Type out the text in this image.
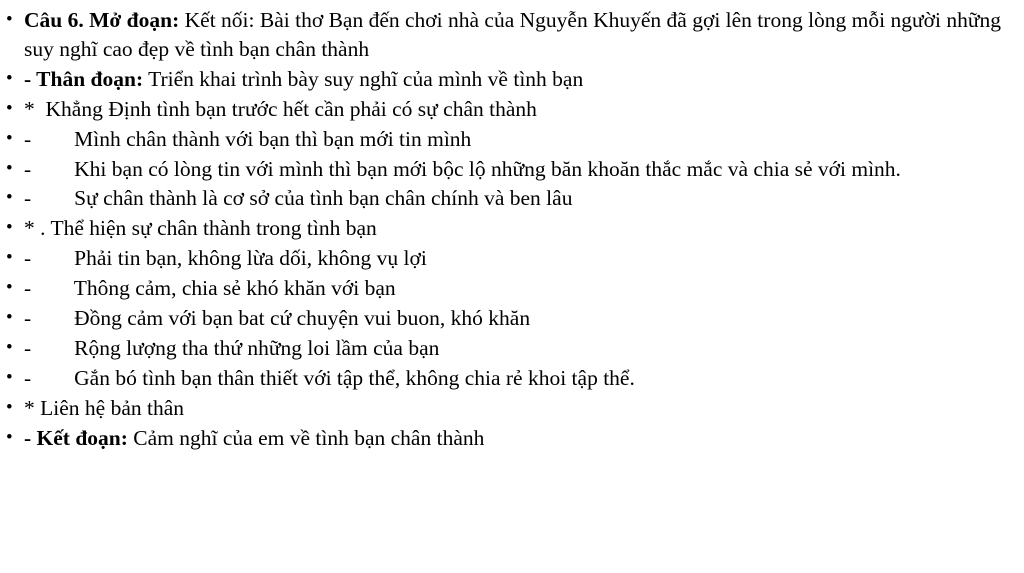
• Câu 6. Mở đoạn: Kết nối: Bài thơ Bạn đến chơi nhà của Nguyễn Khuyến đã gợi lên trong lòng mỗi người những suy nghĩ cao đẹp về tình bạn chân thành
• - Thân đoạn: Triển khai trình bày suy nghĩ của mình về tình bạn
• *  Khẳng Định tình bạn trước hết cần phải có sự chân thành
• -        Mình chân thành với bạn thì bạn mới tin mình
• -        Khi bạn có lòng tin với mình thì bạn mới bộc lộ những băn khoăn thắc mắc và chia sẻ với mình.
• -        Sự chân thành là cơ sở của tình bạn chân chính và ben lâu
• * . Thể hiện sự chân thành trong tình bạn
• -        Phải tin bạn, không lừa dối, không vụ lợi
• -        Thông cảm, chia sẻ khó khăn với bạn
• -        Đồng cảm với bạn bat cứ chuyện vui buon, khó khăn
• -        Rộng lượng tha thứ những loi lầm của bạn
• -        Gắn bó tình bạn thân thiết với tập thể, không chia rẻ khoi tập thể.
• * Liên hệ bản thân
• - Kết đoạn: Cảm nghĩ của em về tình bạn chân thành
